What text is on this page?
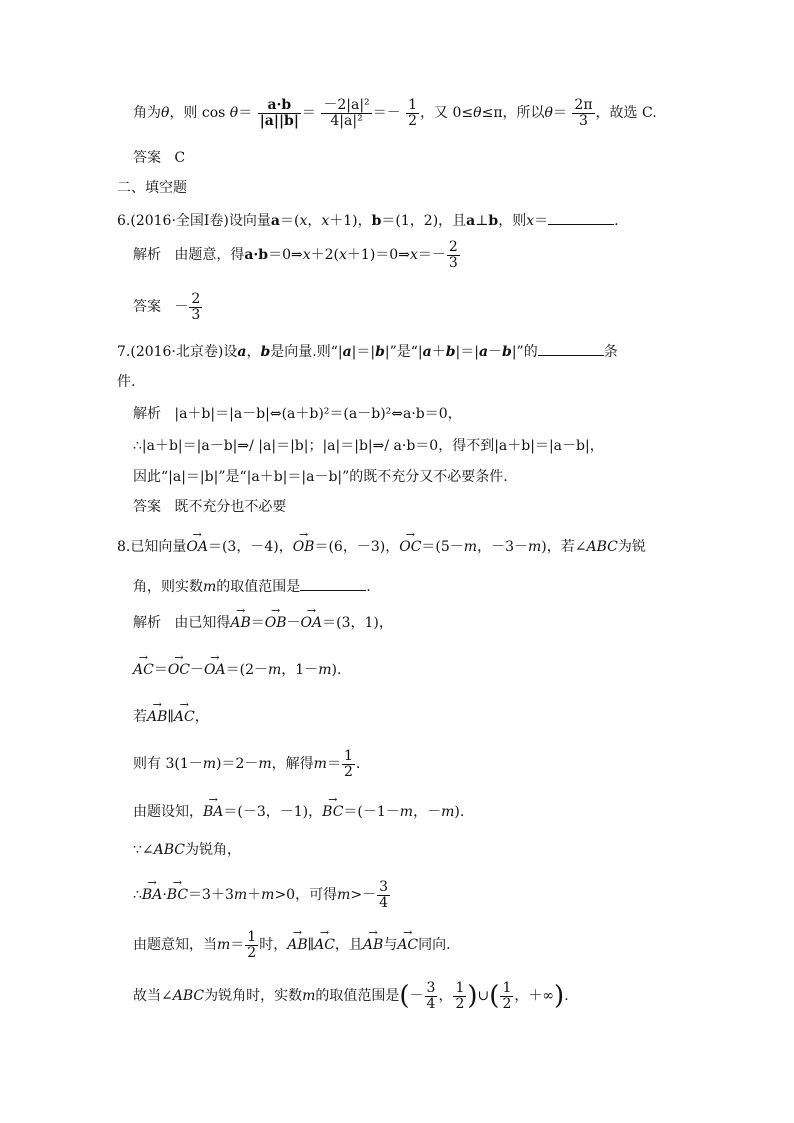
角为θ，则 $\cos \theta= \frac{a\cdot b}{|a||b|} = \frac{\text{－2|a|²}}{\text{4|a|²}} =- \frac{1}{2}$ ，又 0≤θ≤π，所以$\theta= \frac{2\pi}{3}$ ，故选 C.
答案 C
二、填空题
6.(2016·全国Ⅰ卷)设向量a＝(x，x＋1)，b＝(1，2)，且a⊥b，则x＝	.
解析 由题意，得a·b＝0⇒x＋2(x＋1)＝0⇒x＝－ $\frac{2}{3}$
答案 － $\frac{2}{3}$
7.(2016·北京卷)设a，b是向量.则“|a|＝|b|”是“|a＋b|＝|a－b|”的	条
件.
解析 |a＋b|＝|a－b|⇔(a＋b)²＝(a－b)²⇔a·b＝0，
∴|a＋b|＝|a－b|⇒/ |a|＝|b|；|a|＝|b|⇒/ a·b＝0，得不到|a＋b|＝|a－b|，
因此“|a|＝|b|”是“|a＋b|＝|a－b|”的既不充分又不必要条件.
答案 既不充分也不必要
8.已知向量→ OA＝(3，－4)，→ OB＝(6，－3)，→ OC＝(5－m，－3－m)，若∠ABC为锐
角，则实数m的取值范围是	.
解析 由已知得→ AB＝→ OB－→ OA＝(3，1)，
→ AC＝→ OC－→ OA＝(2－m，1－m).
若→ AB∥→ AC，
则有 3(1－m)＝2－m，解得$m= \frac{1}{2}$ .
由题设知，→ BA＝(－3，－1)，→ BC＝(－1－m，－m).
∵∠ABC为锐角，
∴→ BA·→ BC＝3＋3m＋m>0，可得$m>- \frac{3}{4}$
由题意知，当$m= \frac{1}{2}$ 时，→ AB∥→ AC，且→ AB与→ AC同向.
故当∠ABC为锐角时，实数m的取值范围是(－ $\frac{3}{4}$ ， $\frac{1}{2}$ )∪( $\frac{1}{2}$ ，＋∞).
